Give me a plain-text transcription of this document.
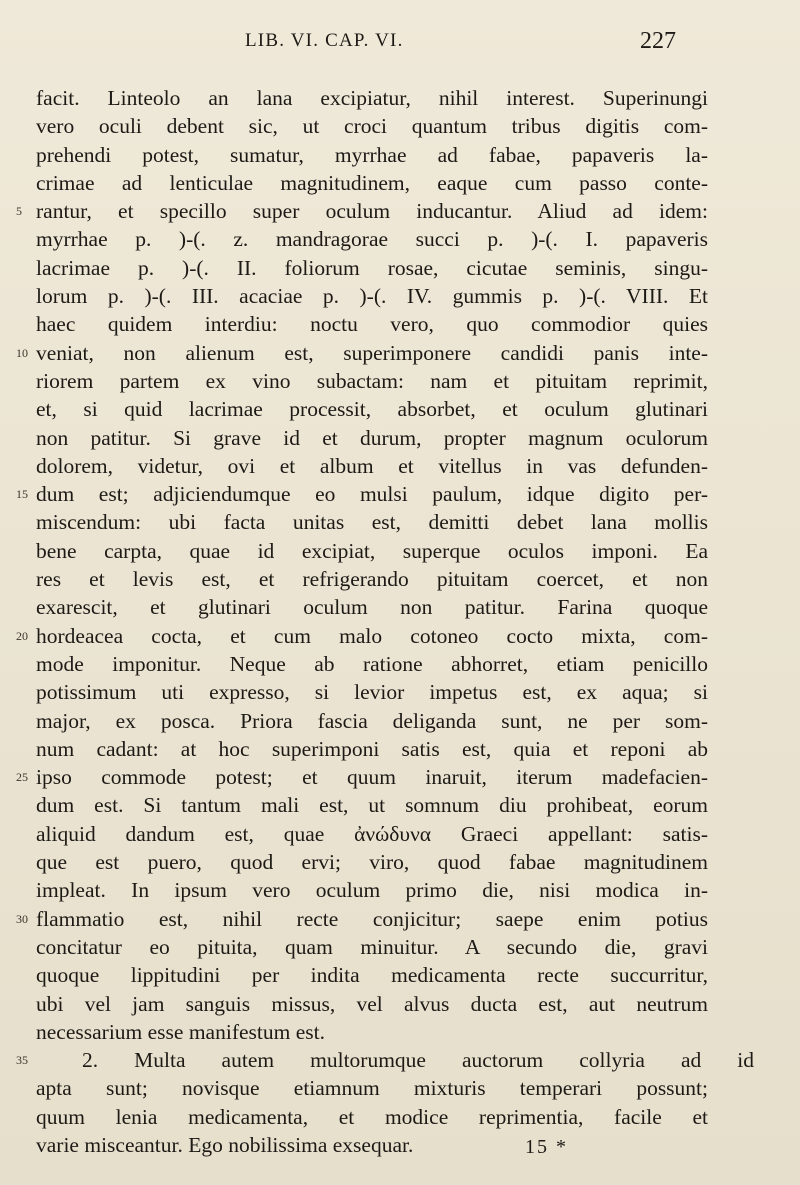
LIB. VI. CAP. VI.	227
facit. Linteolo an lana excipiatur, nihil interest. Superinungi
vero oculi debent sic, ut croci quantum tribus digitis com-
prehendi potest, sumatur, myrrhae ad fabae, papaveris la-
crimae ad lenticulae magnitudinem, eaque cum passo conte-
5 rantur, et specillo super oculum inducantur. Aliud ad idem:
myrrhae p. )-(. z. mandragorae succi p. )-(. I. papaveris
lacrimae p. )-(. II. foliorum rosae, cicutae seminis, singu-
lorum p. )-(. III. acaciae p. )-(. IV. gummis p. )-(. VIII. Et
haec quidem interdiu: noctu vero, quo commodior quies
10 veniat, non alienum est, superimponere candidi panis inte-
riorem partem ex vino subactam: nam et pituitam reprimit,
et, si quid lacrimae processit, absorbet, et oculum glutinari
non patitur. Si grave id et durum, propter magnum oculorum
dolorem, videtur, ovi et album et vitellus in vas defunden-
15 dum est; adjiciendumque eo mulsi paulum, idque digito per-
miscendum: ubi facta unitas est, demitti debet lana mollis
bene carpta, quae id excipiat, superque oculos imponi. Ea
res et levis est, et refrigerando pituitam coercet, et non
exarescit, et glutinari oculum non patitur. Farina quoque
20 hordeacea cocta, et cum malo cotoneo cocto mixta, com-
mode imponitur. Neque ab ratione abhorret, etiam penicillo
potissimum uti expresso, si levior impetus est, ex aqua; si
major, ex posca. Priora fascia deliganda sunt, ne per som-
num cadant: at hoc superimponi satis est, quia et reponi ab
25 ipso commode potest; et quum inaruit, iterum madefacien-
dum est. Si tantum mali est, ut somnum diu prohibeat, eorum
aliquid dandum est, quae ἀνώδυνα Graeci appellant: satis-
que est puero, quod ervi; viro, quod fabae magnitudinem
impleat. In ipsum vero oculum primo die, nisi modica in-
30 flammatio est, nihil recte conjicitur; saepe enim potius
concitatur eo pituita, quam minuitur. A secundo die, gravi
quoque lippitudini per indita medicamenta recte succurritur,
ubi vel jam sanguis missus, vel alvus ducta est, aut neutrum
necessarium esse manifestum est.
35	2. Multa autem multorumque auctorum collyria ad id
apta sunt; novisque etiamnum mixturis temperari possunt;
quum lenia medicamenta, et modice reprimentia, facile et
varie misceantur. Ego nobilissima exsequar.	15 *
